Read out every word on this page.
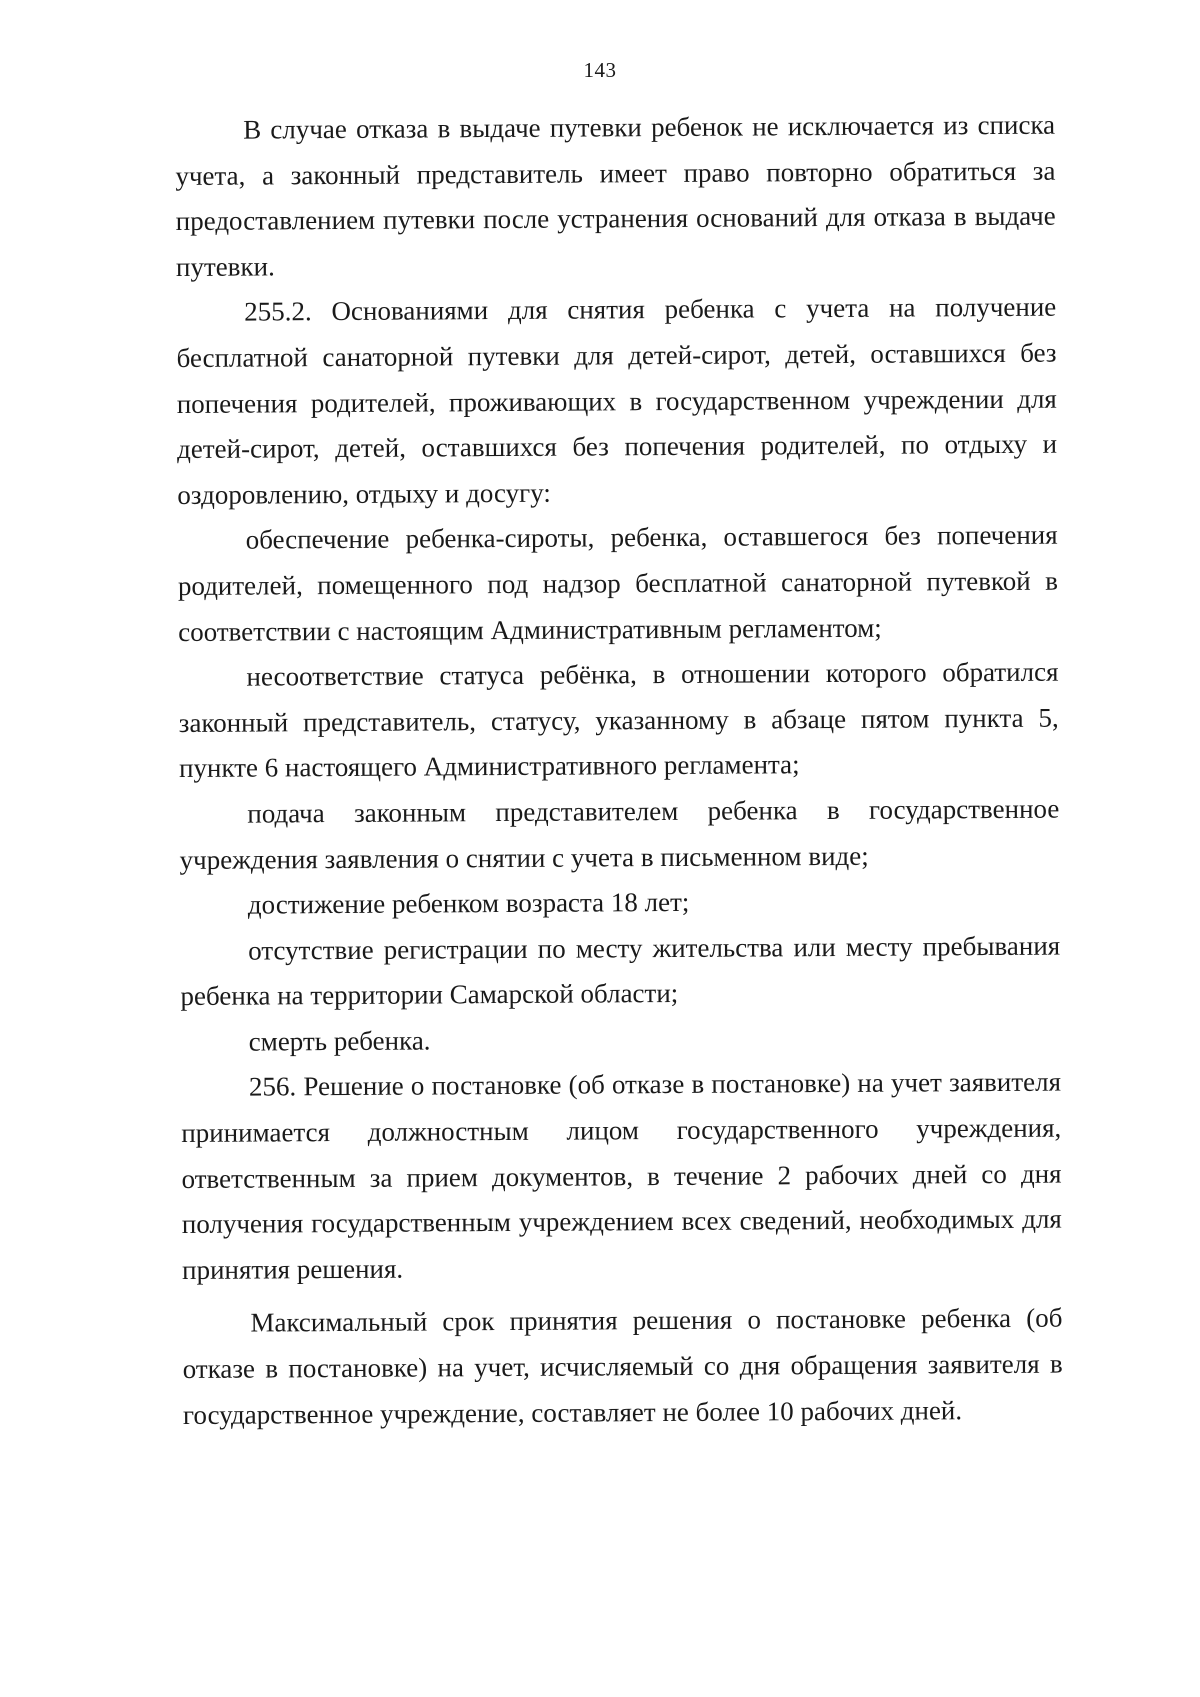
143

В случае отказа в выдаче путевки ребенок не исключается из списка учета, а законный представитель имеет право повторно обратиться за предоставлением путевки после устранения оснований для отказа в выдаче путевки.

255.2. Основаниями для снятия ребенка с учета на получение бесплатной санаторной путевки для детей-сирот, детей, оставшихся без попечения родителей, проживающих в государственном учреждении для детей-сирот, детей, оставшихся без попечения родителей, по отдыху и оздоровлению, отдыху и досугу:

обеспечение ребенка-сироты, ребенка, оставшегося без попечения родителей, помещенного под надзор бесплатной санаторной путевкой в соответствии с настоящим Административным регламентом;

несоответствие статуса ребёнка, в отношении которого обратился законный представитель, статусу, указанному в абзаце пятом пункта 5, пункте 6 настоящего Административного регламента;

подача законным представителем ребенка в государственное учреждения заявления о снятии с учета в письменном виде;

достижение ребенком возраста 18 лет;

отсутствие регистрации по месту жительства или месту пребывания ребенка на территории Самарской области;

смерть ребенка.

256. Решение о постановке (об отказе в постановке) на учет заявителя принимается должностным лицом государственного учреждения, ответственным за прием документов, в течение 2 рабочих дней со дня получения государственным учреждением всех сведений, необходимых для принятия решения.

Максимальный срок принятия решения о постановке ребенка (об отказе в постановке) на учет, исчисляемый со дня обращения заявителя в государственное учреждение, составляет не более 10 рабочих дней.
